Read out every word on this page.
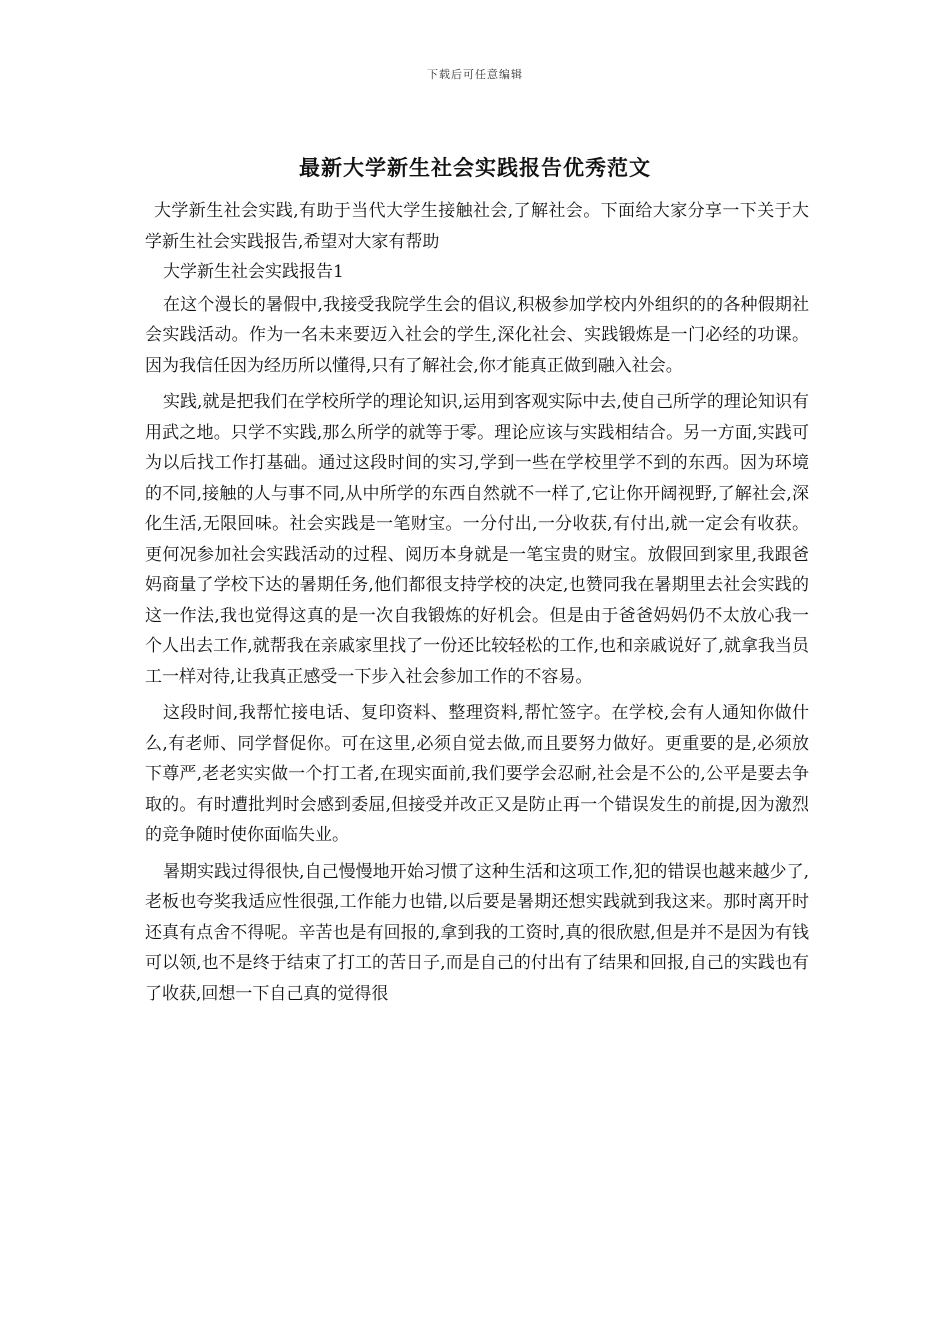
下载后可任意编辑
最新大学新生社会实践报告优秀范文

大学新生社会实践,有助于当代大学生接触社会,了解社会。下面给大家分享一下关于大学新生社会实践报告,希望对大家有帮助

大学新生社会实践报告1

在这个漫长的暑假中,我接受我院学生会的倡议,积极参加学校内外组织的的各种假期社会实践活动。作为一名未来要迈入社会的学生,深化社会、实践锻炼是一门必经的功课。因为我信任因为经历所以懂得,只有了解社会,你才能真正做到融入社会。

实践,就是把我们在学校所学的理论知识,运用到客观实际中去,使自己所学的理论知识有用武之地。只学不实践,那么所学的就等于零。理论应该与实践相结合。另一方面,实践可为以后找工作打基础。通过这段时间的实习,学到一些在学校里学不到的东西。因为环境的不同,接触的人与事不同,从中所学的东西自然就不一样了,它让你开阔视野,了解社会,深化生活,无限回味。社会实践是一笔财宝。一分付出,一分收获,有付出,就一定会有收获。更何况参加社会实践活动的过程、阅历本身就是一笔宝贵的财宝。放假回到家里,我跟爸妈商量了学校下达的暑期任务,他们都很支持学校的决定,也赞同我在暑期里去社会实践的这一作法,我也觉得这真的是一次自我锻炼的好机会。但是由于爸爸妈妈仍不太放心我一个人出去工作,就帮我在亲戚家里找了一份还比较轻松的工作,也和亲戚说好了,就拿我当员工一样对待,让我真正感受一下步入社会参加工作的不容易。

这段时间,我帮忙接电话、复印资料、整理资料,帮忙签字。在学校,会有人通知你做什么,有老师、同学督促你。可在这里,必须自觉去做,而且要努力做好。更重要的是,必须放下尊严,老老实实做一个打工者,在现实面前,我们要学会忍耐,社会是不公的,公平是要去争取的。有时遭批判时会感到委屈,但接受并改正又是防止再一个错误发生的前提,因为激烈的竞争随时使你面临失业。

暑期实践过得很快,自己慢慢地开始习惯了这种生活和这项工作,犯的错误也越来越少了,老板也夸奖我适应性很强,工作能力也错,以后要是暑期还想实践就到我这来。那时离开时还真有点舍不得呢。辛苦也是有回报的,拿到我的工资时,真的很欣慰,但是并不是因为有钱可以领,也不是终于结束了打工的苦日子,而是自己的付出有了结果和回报,自己的实践也有了收获,回想一下自己真的觉得很
